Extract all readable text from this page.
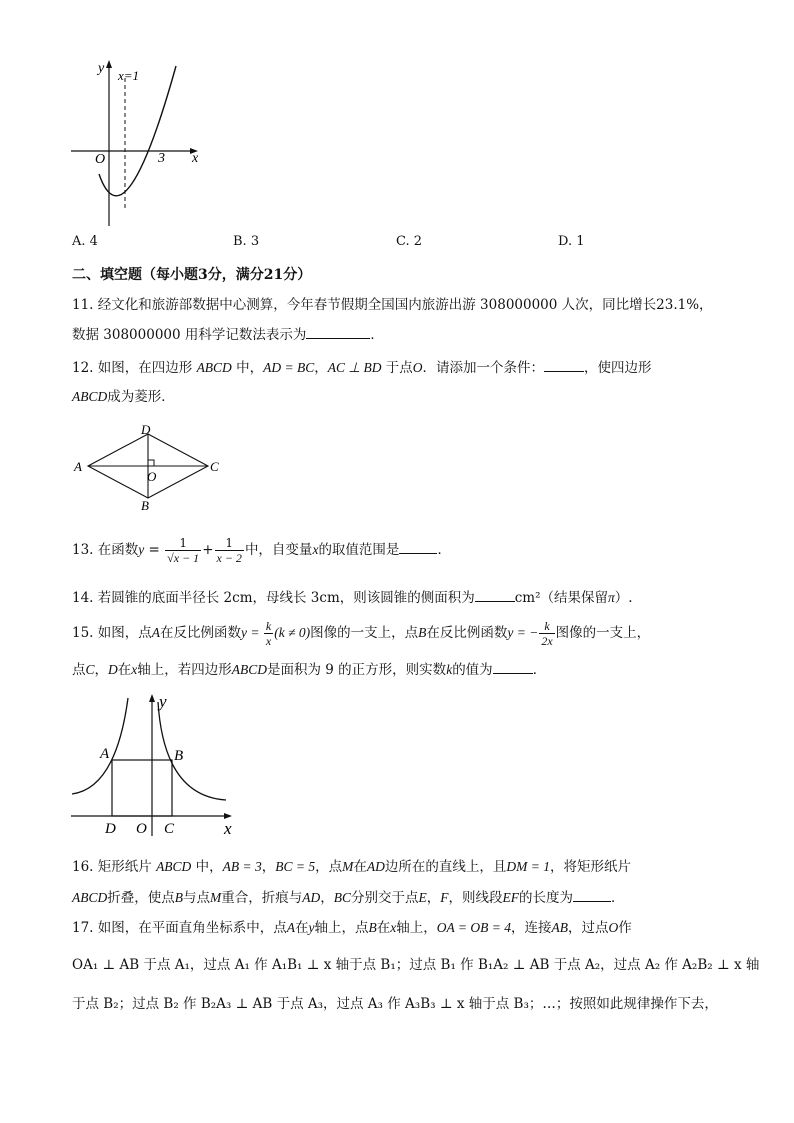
y x=1
O	3 x
A. 4	B. 3	C. 2	D. 1
二、填空题（每小题3分，满分21分）
11. 经文化和旅游部数据中心测算，今年春节假期全国国内旅游出游 308000000 人次，同比增长23.1%，
数据 308000000 用科学记数法表示为	．
12. 如图，在四边形 ABCD 中，AD = BC，AC ⊥ BD 于点O．请添加一个条件：	，使四边形
ABCD成为菱形．
D
A	C
O
B
13. 在函数$y = \frac{1}{√x - 1} + \frac{1}{x - 2}$ 中，自变量x的取值范围是	．
14. 若圆锥的底面半径长 2cm，母线长 3cm，则该圆锥的侧面积为	cm²（结果保留π）.
15. 如图，点A在反比例函数$y = \frac{k}{x} (k \ne 0)$图像的一支上，点B在反比例函数y = − $\frac{k}{2x}$ 图像的一支上，
点C，D在x轴上，若四边形ABCD是面积为 9 的正方形，则实数k的值为	．
y
A	B
D O C	x
16. 矩形纸片 ABCD 中，AB = 3，BC = 5，点M在AD边所在的直线上，且DM = 1，将矩形纸片
ABCD折叠，使点B与点M重合，折痕与AD，BC分别交于点E，F，则线段EF的长度为	．
17. 如图，在平面直角坐标系中，点A在y轴上，点B在x轴上，OA = OB = 4，连接AB，过点O作
OA₁ ⊥ AB 于点 A₁，过点 A₁ 作 A₁B₁ ⊥ x 轴于点 B₁；过点 B₁ 作 B₁A₂ ⊥ AB 于点 A₂，过点 A₂ 作 A₂B₂ ⊥ x 轴
于点 B₂；过点 B₂ 作 B₂A₃ ⊥ AB 于点 A₃，过点 A₃ 作 A₃B₃ ⊥ x 轴于点 B₃；…；按照如此规律操作下去，
